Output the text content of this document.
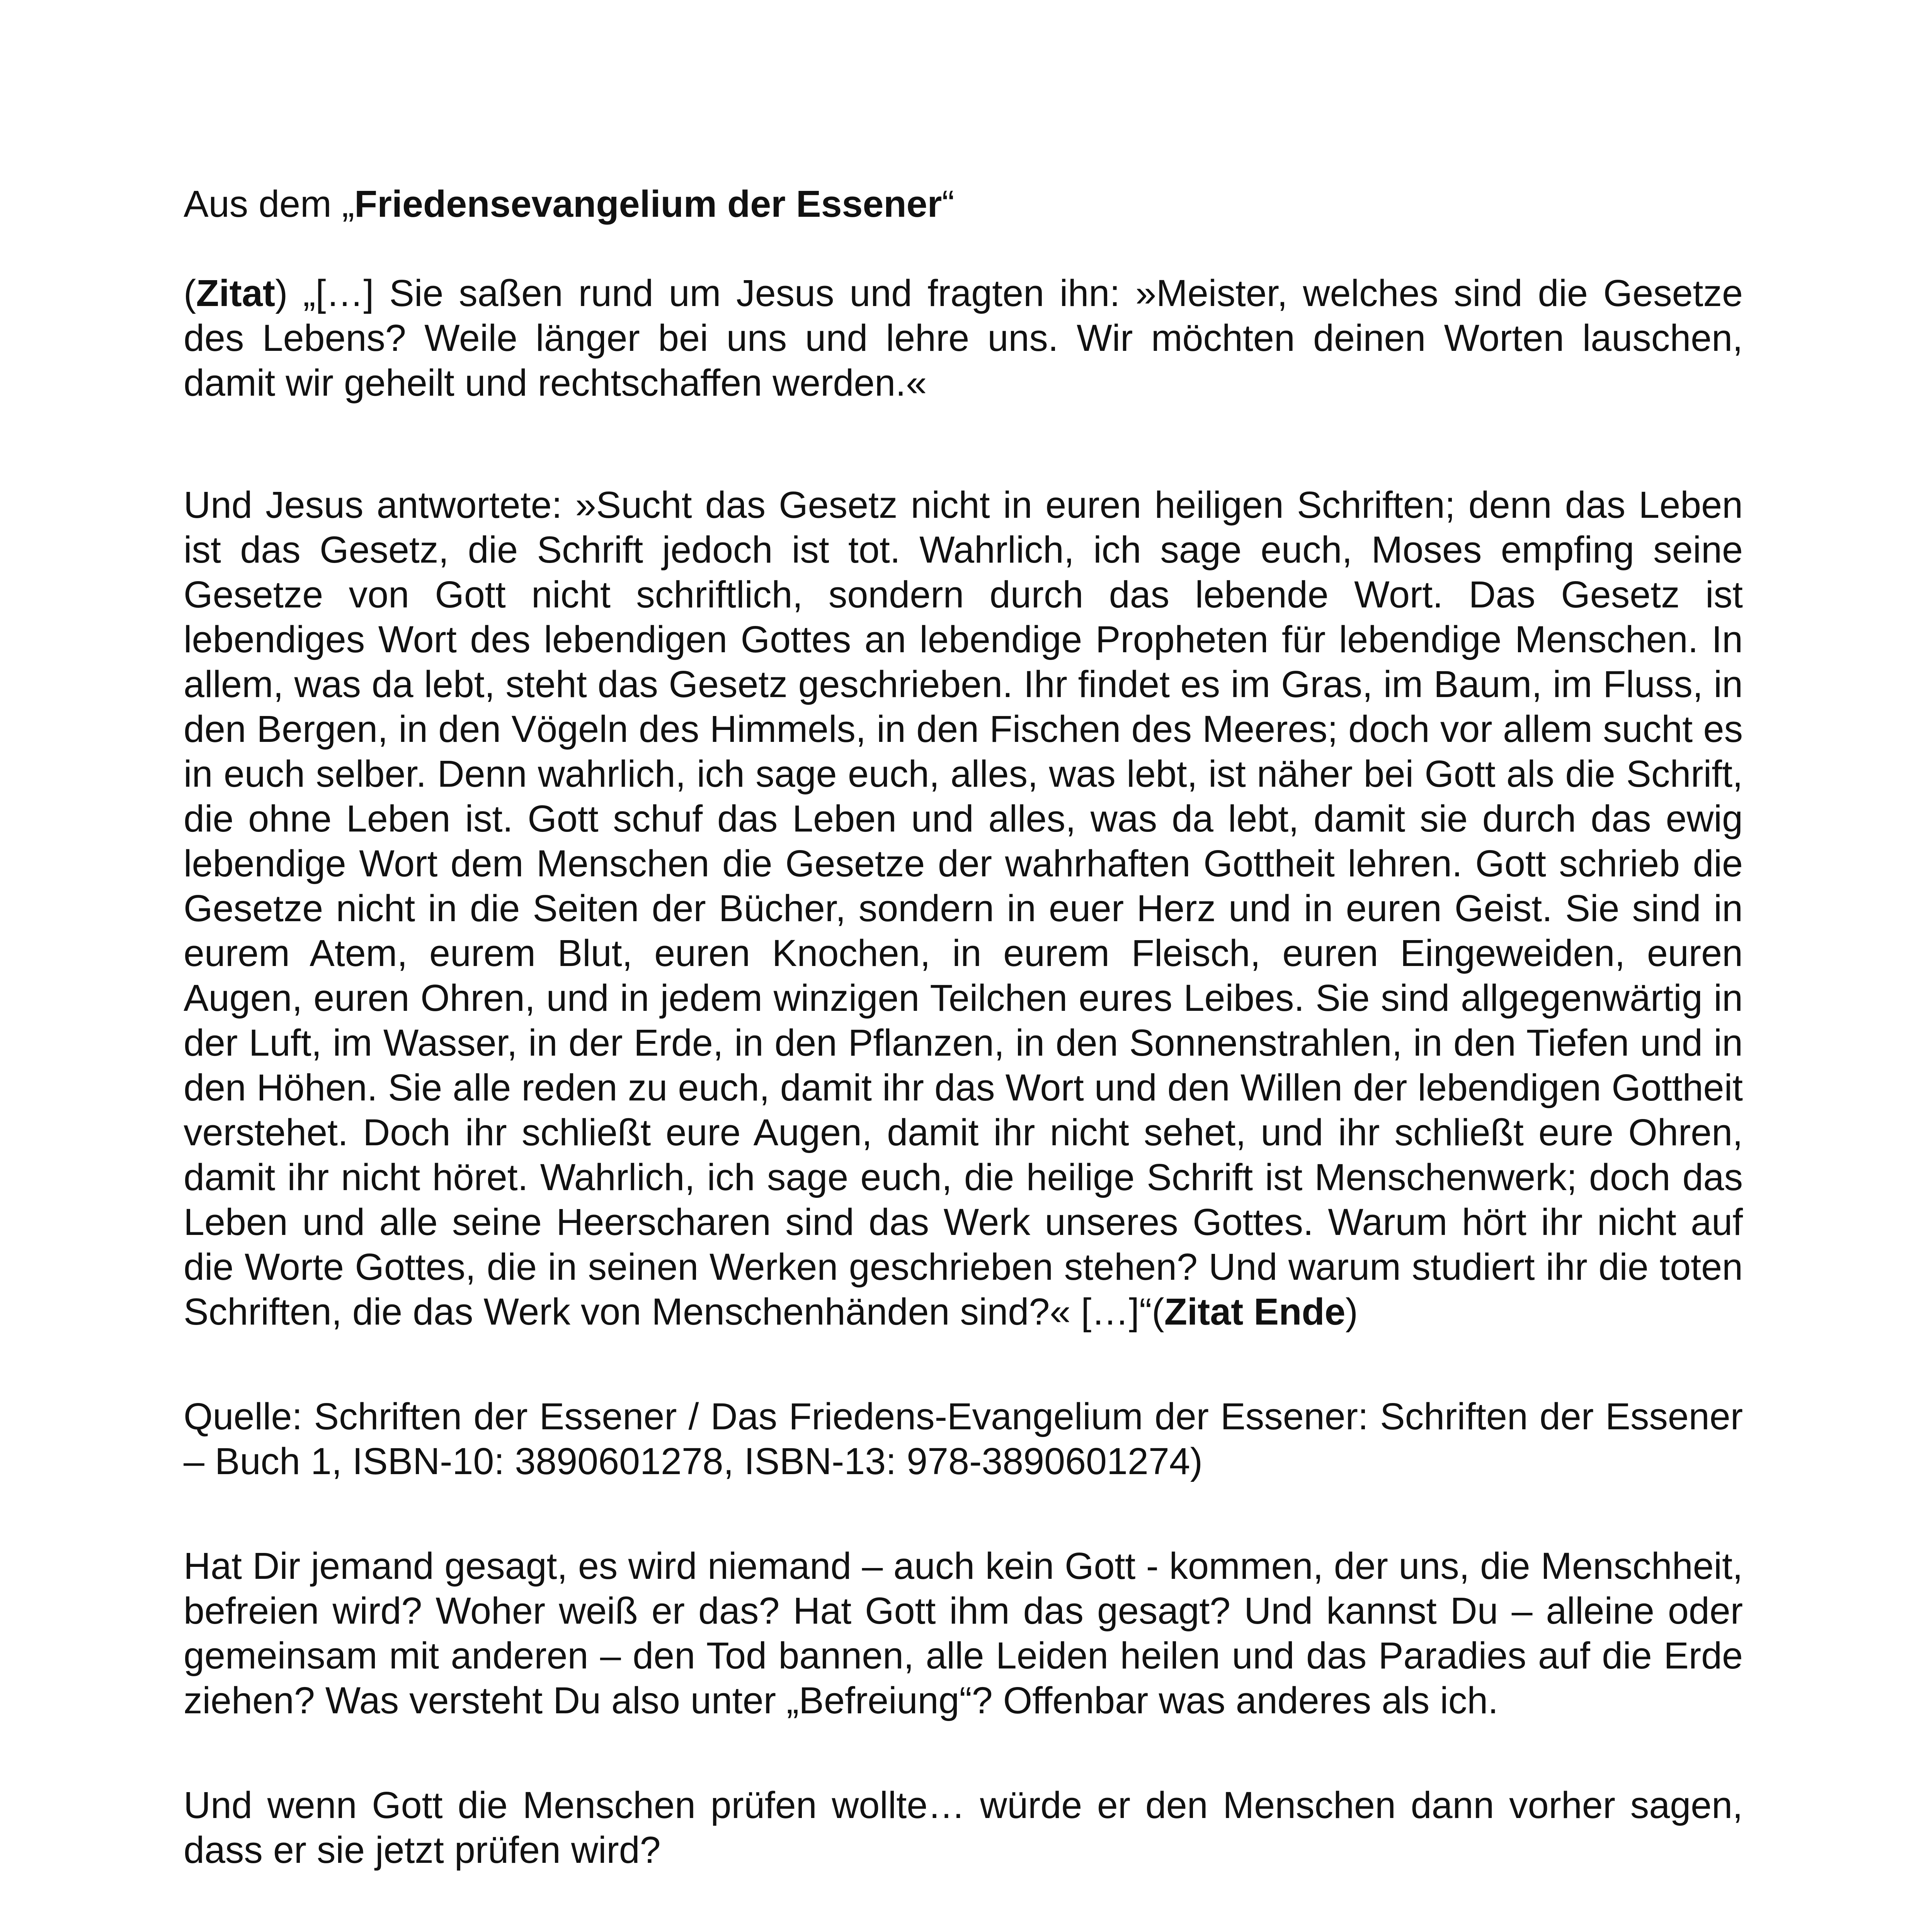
Aus dem „Friedensevangelium der Essener“

(Zitat) „[…] Sie saßen rund um Jesus und fragten ihn: »Meister, welches sind die Gesetze des Lebens? Weile länger bei uns und lehre uns. Wir möchten deinen Worten lauschen, damit wir geheilt und rechtschaffen werden.«

Und Jesus antwortete: »Sucht das Gesetz nicht in euren heiligen Schriften; denn das Leben ist das Gesetz, die Schrift jedoch ist tot. Wahrlich, ich sage euch, Moses empfing seine Gesetze von Gott nicht schriftlich, sondern durch das lebende Wort. Das Gesetz ist lebendiges Wort des lebendigen Gottes an lebendige Propheten für lebendige Menschen. In allem, was da lebt, steht das Gesetz geschrieben. Ihr findet es im Gras, im Baum, im Fluss, in den Bergen, in den Vögeln des Himmels, in den Fischen des Meeres; doch vor allem sucht es in euch selber. Denn wahrlich, ich sage euch, alles, was lebt, ist näher bei Gott als die Schrift, die ohne Leben ist. Gott schuf das Leben und alles, was da lebt, damit sie durch das ewig lebendige Wort dem Menschen die Gesetze der wahrhaften Gottheit lehren. Gott schrieb die Gesetze nicht in die Seiten der Bücher, sondern in euer Herz und in euren Geist. Sie sind in eurem Atem, eurem Blut, euren Knochen, in eurem Fleisch, euren Eingeweiden, euren Augen, euren Ohren, und in jedem winzigen Teilchen eures Leibes. Sie sind allgegenwärtig in der Luft, im Wasser, in der Erde, in den Pflanzen, in den Sonnenstrahlen, in den Tiefen und in den Höhen. Sie alle reden zu euch, damit ihr das Wort und den Willen der lebendigen Gottheit verstehet. Doch ihr schließt eure Augen, damit ihr nicht sehet, und ihr schließt eure Ohren, damit ihr nicht höret. Wahrlich, ich sage euch, die heilige Schrift ist Menschenwerk; doch das Leben und alle seine Heerscharen sind das Werk unseres Gottes. Warum hört ihr nicht auf die Worte Gottes, die in seinen Werken geschrieben stehen? Und warum studiert ihr die toten Schriften, die das Werk von Menschenhänden sind?« […]“(Zitat Ende)

Quelle: Schriften der Essener / Das Friedens-Evangelium der Essener: Schriften der Essener – Buch 1, ISBN-10: 3890601278, ISBN-13: 978-3890601274)

Hat Dir jemand gesagt, es wird niemand – auch kein Gott - kommen, der uns, die Menschheit, befreien wird? Woher weiß er das? Hat Gott ihm das gesagt? Und kannst Du – alleine oder gemeinsam mit anderen – den Tod bannen, alle Leiden heilen und das Paradies auf die Erde ziehen? Was versteht Du also unter „Befreiung“? Offenbar was anderes als ich.

Und wenn Gott die Menschen prüfen wollte… würde er den Menschen dann vorher sagen, dass er sie jetzt prüfen wird?
